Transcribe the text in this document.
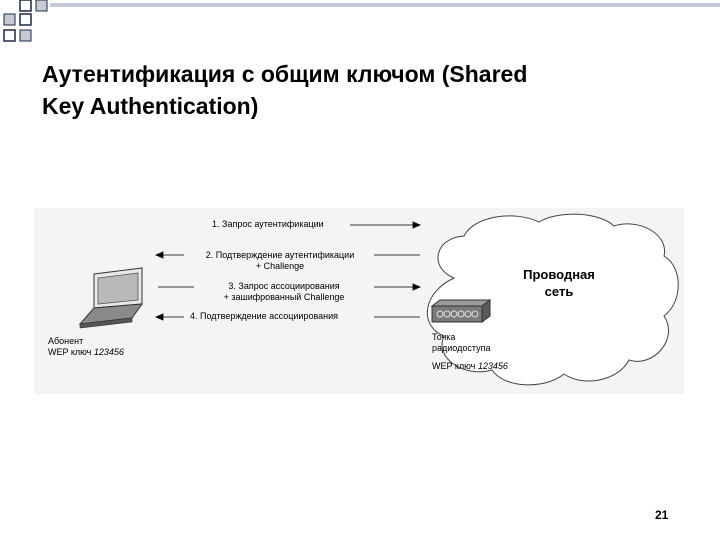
Аутентификация с общим ключом (Shared
Key Authentication)
1. Запрос аутентификации
2. Подтверждение аутентификации
+ Challenge
3. Запрос ассоциирования
+ зашифрованный Challenge
4. Подтверждение ассоциирования
Абонент
WEP ключ 123456
Точка
радиодоступа
WEP ключ 123456
Проводная
сеть
21
